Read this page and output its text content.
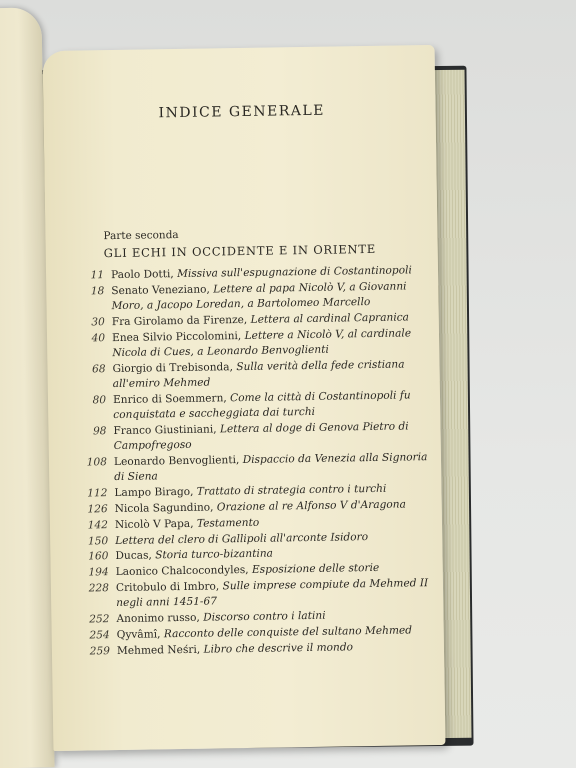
INDICE GENERALE
Parte seconda
GLI ECHI IN OCCIDENTE E IN ORIENTE
11 Paolo Dotti, Missiva sull'espugnazione di Costantinopoli
18 Senato Veneziano, Lettere al papa Nicolò V, a Giovanni Moro, a Jacopo Loredan, a Bartolomeo Marcello
30 Fra Girolamo da Firenze, Lettera al cardinal Capranica
40 Enea Silvio Piccolomini, Lettere a Nicolò V, al cardinale Nicola di Cues, a Leonardo Benvoglienti
68 Giorgio di Trebisonda, Sulla verità della fede cristiana all'emiro Mehmed
80 Enrico di Soemmern, Come la città di Costantinopoli fu conquistata e saccheggiata dai turchi
98 Franco Giustiniani, Lettera al doge di Genova Pietro di Campofregoso
108 Leonardo Benvoglienti, Dispaccio da Venezia alla Signoria di Siena
112 Lampo Birago, Trattato di strategia contro i turchi
126 Nicola Sagundino, Orazione al re Alfonso V d'Aragona
142 Nicolò V Papa, Testamento
150 Lettera del clero di Gallipoli all'arconte Isidoro
160 Ducas, Storia turco-bizantina
194 Laonico Chalcocondyles, Esposizione delle storie
228 Critobulo di Imbro, Sulle imprese compiute da Mehmed II negli anni 1451-67
252 Anonimo russo, Discorso contro i latini
254 Qyvâmî, Racconto delle conquiste del sultano Mehmed
259 Mehmed Neśri, Libro che descrive il mondo
